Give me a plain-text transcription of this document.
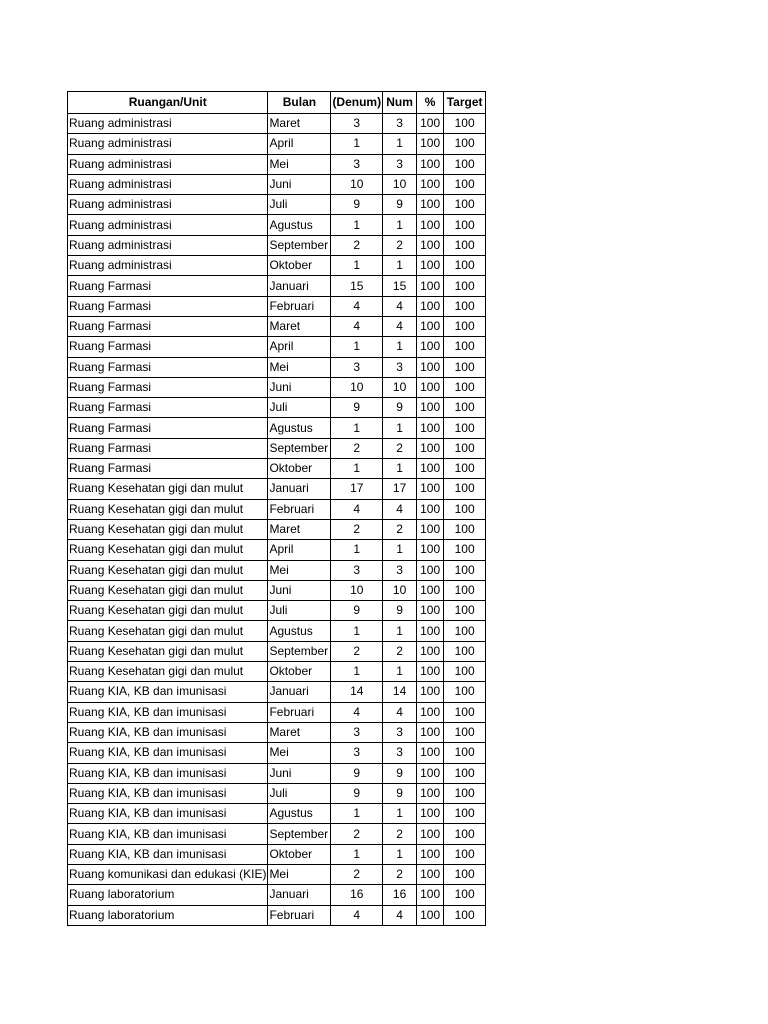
Ruangan/Unit	Bulan	(Denum)	Num	%	Target
Ruang administrasi	Maret	3	3	100	100
Ruang administrasi	April	1	1	100	100
Ruang administrasi	Mei	3	3	100	100
Ruang administrasi	Juni	10	10	100	100
Ruang administrasi	Juli	9	9	100	100
Ruang administrasi	Agustus	1	1	100	100
Ruang administrasi	September	2	2	100	100
Ruang administrasi	Oktober	1	1	100	100
Ruang Farmasi	Januari	15	15	100	100
Ruang Farmasi	Februari	4	4	100	100
Ruang Farmasi	Maret	4	4	100	100
Ruang Farmasi	April	1	1	100	100
Ruang Farmasi	Mei	3	3	100	100
Ruang Farmasi	Juni	10	10	100	100
Ruang Farmasi	Juli	9	9	100	100
Ruang Farmasi	Agustus	1	1	100	100
Ruang Farmasi	September	2	2	100	100
Ruang Farmasi	Oktober	1	1	100	100
Ruang Kesehatan gigi dan mulut	Januari	17	17	100	100
Ruang Kesehatan gigi dan mulut	Februari	4	4	100	100
Ruang Kesehatan gigi dan mulut	Maret	2	2	100	100
Ruang Kesehatan gigi dan mulut	April	1	1	100	100
Ruang Kesehatan gigi dan mulut	Mei	3	3	100	100
Ruang Kesehatan gigi dan mulut	Juni	10	10	100	100
Ruang Kesehatan gigi dan mulut	Juli	9	9	100	100
Ruang Kesehatan gigi dan mulut	Agustus	1	1	100	100
Ruang Kesehatan gigi dan mulut	September	2	2	100	100
Ruang Kesehatan gigi dan mulut	Oktober	1	1	100	100
Ruang KIA, KB dan imunisasi	Januari	14	14	100	100
Ruang KIA, KB dan imunisasi	Februari	4	4	100	100
Ruang KIA, KB dan imunisasi	Maret	3	3	100	100
Ruang KIA, KB dan imunisasi	Mei	3	3	100	100
Ruang KIA, KB dan imunisasi	Juni	9	9	100	100
Ruang KIA, KB dan imunisasi	Juli	9	9	100	100
Ruang KIA, KB dan imunisasi	Agustus	1	1	100	100
Ruang KIA, KB dan imunisasi	September	2	2	100	100
Ruang KIA, KB dan imunisasi	Oktober	1	1	100	100
Ruang komunikasi dan edukasi (KIE)	Mei	2	2	100	100
Ruang laboratorium	Januari	16	16	100	100
Ruang laboratorium	Februari	4	4	100	100
